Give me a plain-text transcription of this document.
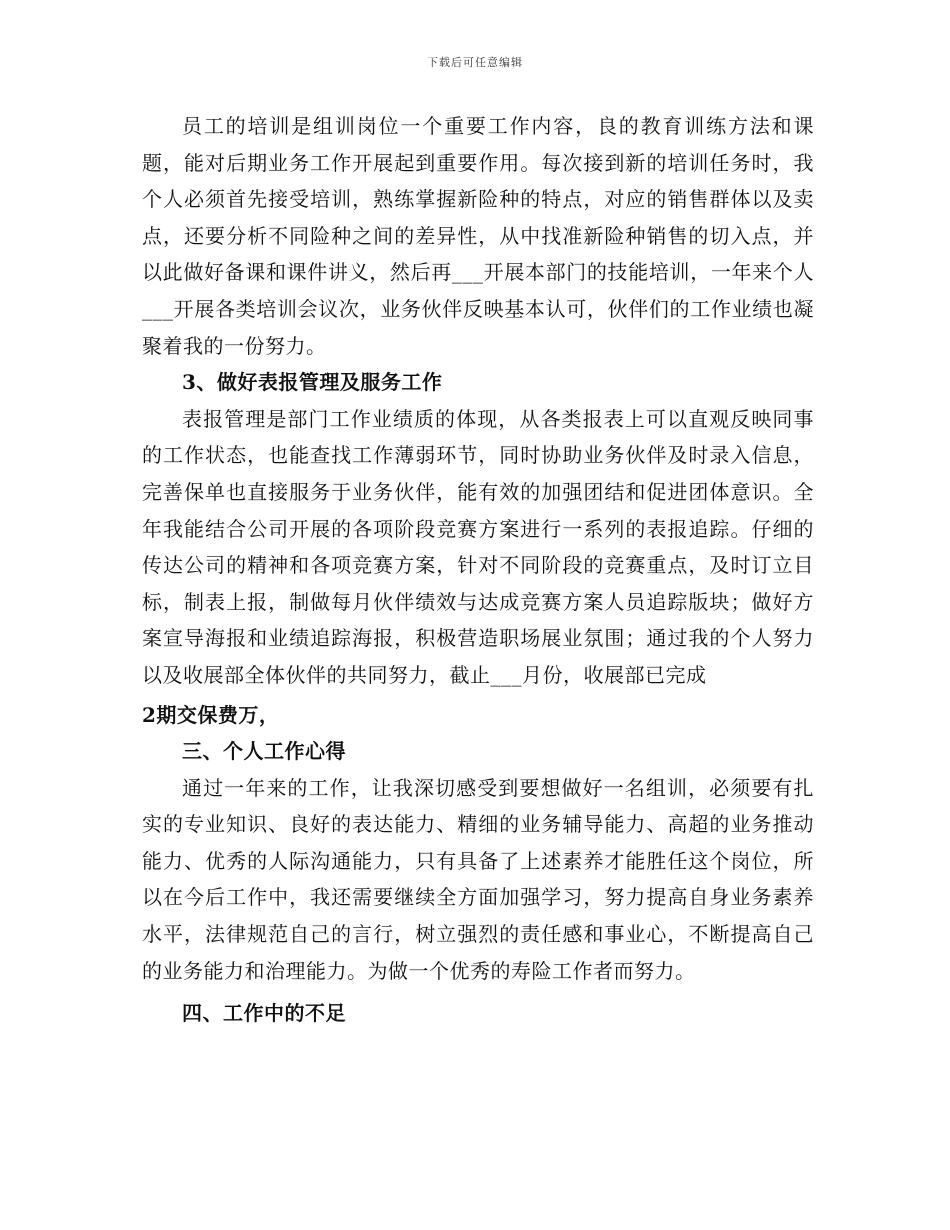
下载后可任意编辑

员工的培训是组训岗位一个重要工作内容，良的教育训练方法和课题，能对后期业务工作开展起到重要作用。每次接到新的培训任务时，我个人必须首先接受培训，熟练掌握新险种的特点，对应的销售群体以及卖点，还要分析不同险种之间的差异性，从中找准新险种销售的切入点，并以此做好备课和课件讲义，然后再___开展本部门的技能培训，一年来个人___开展各类培训会议次，业务伙伴反映基本认可，伙伴们的工作业绩也凝聚着我的一份努力。

3、做好表报管理及服务工作

表报管理是部门工作业绩质的体现，从各类报表上可以直观反映同事的工作状态，也能查找工作薄弱环节，同时协助业务伙伴及时录入信息，完善保单也直接服务于业务伙伴，能有效的加强团结和促进团体意识。全年我能结合公司开展的各项阶段竞赛方案进行一系列的表报追踪。仔细的传达公司的精神和各项竞赛方案，针对不同阶段的竞赛重点，及时订立目标，制表上报，制做每月伙伴绩效与达成竞赛方案人员追踪版块；做好方案宣导海报和业绩追踪海报，积极营造职场展业氛围；通过我的个人努力以及收展部全体伙伴的共同努力，截止___月份，收展部已完成

2期交保费万，

三、个人工作心得

通过一年来的工作，让我深切感受到要想做好一名组训，必须要有扎实的专业知识、良好的表达能力、精细的业务辅导能力、高超的业务推动能力、优秀的人际沟通能力，只有具备了上述素养才能胜任这个岗位，所以在今后工作中，我还需要继续全方面加强学习，努力提高自身业务素养水平，法律规范自己的言行，树立强烈的责任感和事业心，不断提高自己的业务能力和治理能力。为做一个优秀的寿险工作者而努力。

四、工作中的不足
